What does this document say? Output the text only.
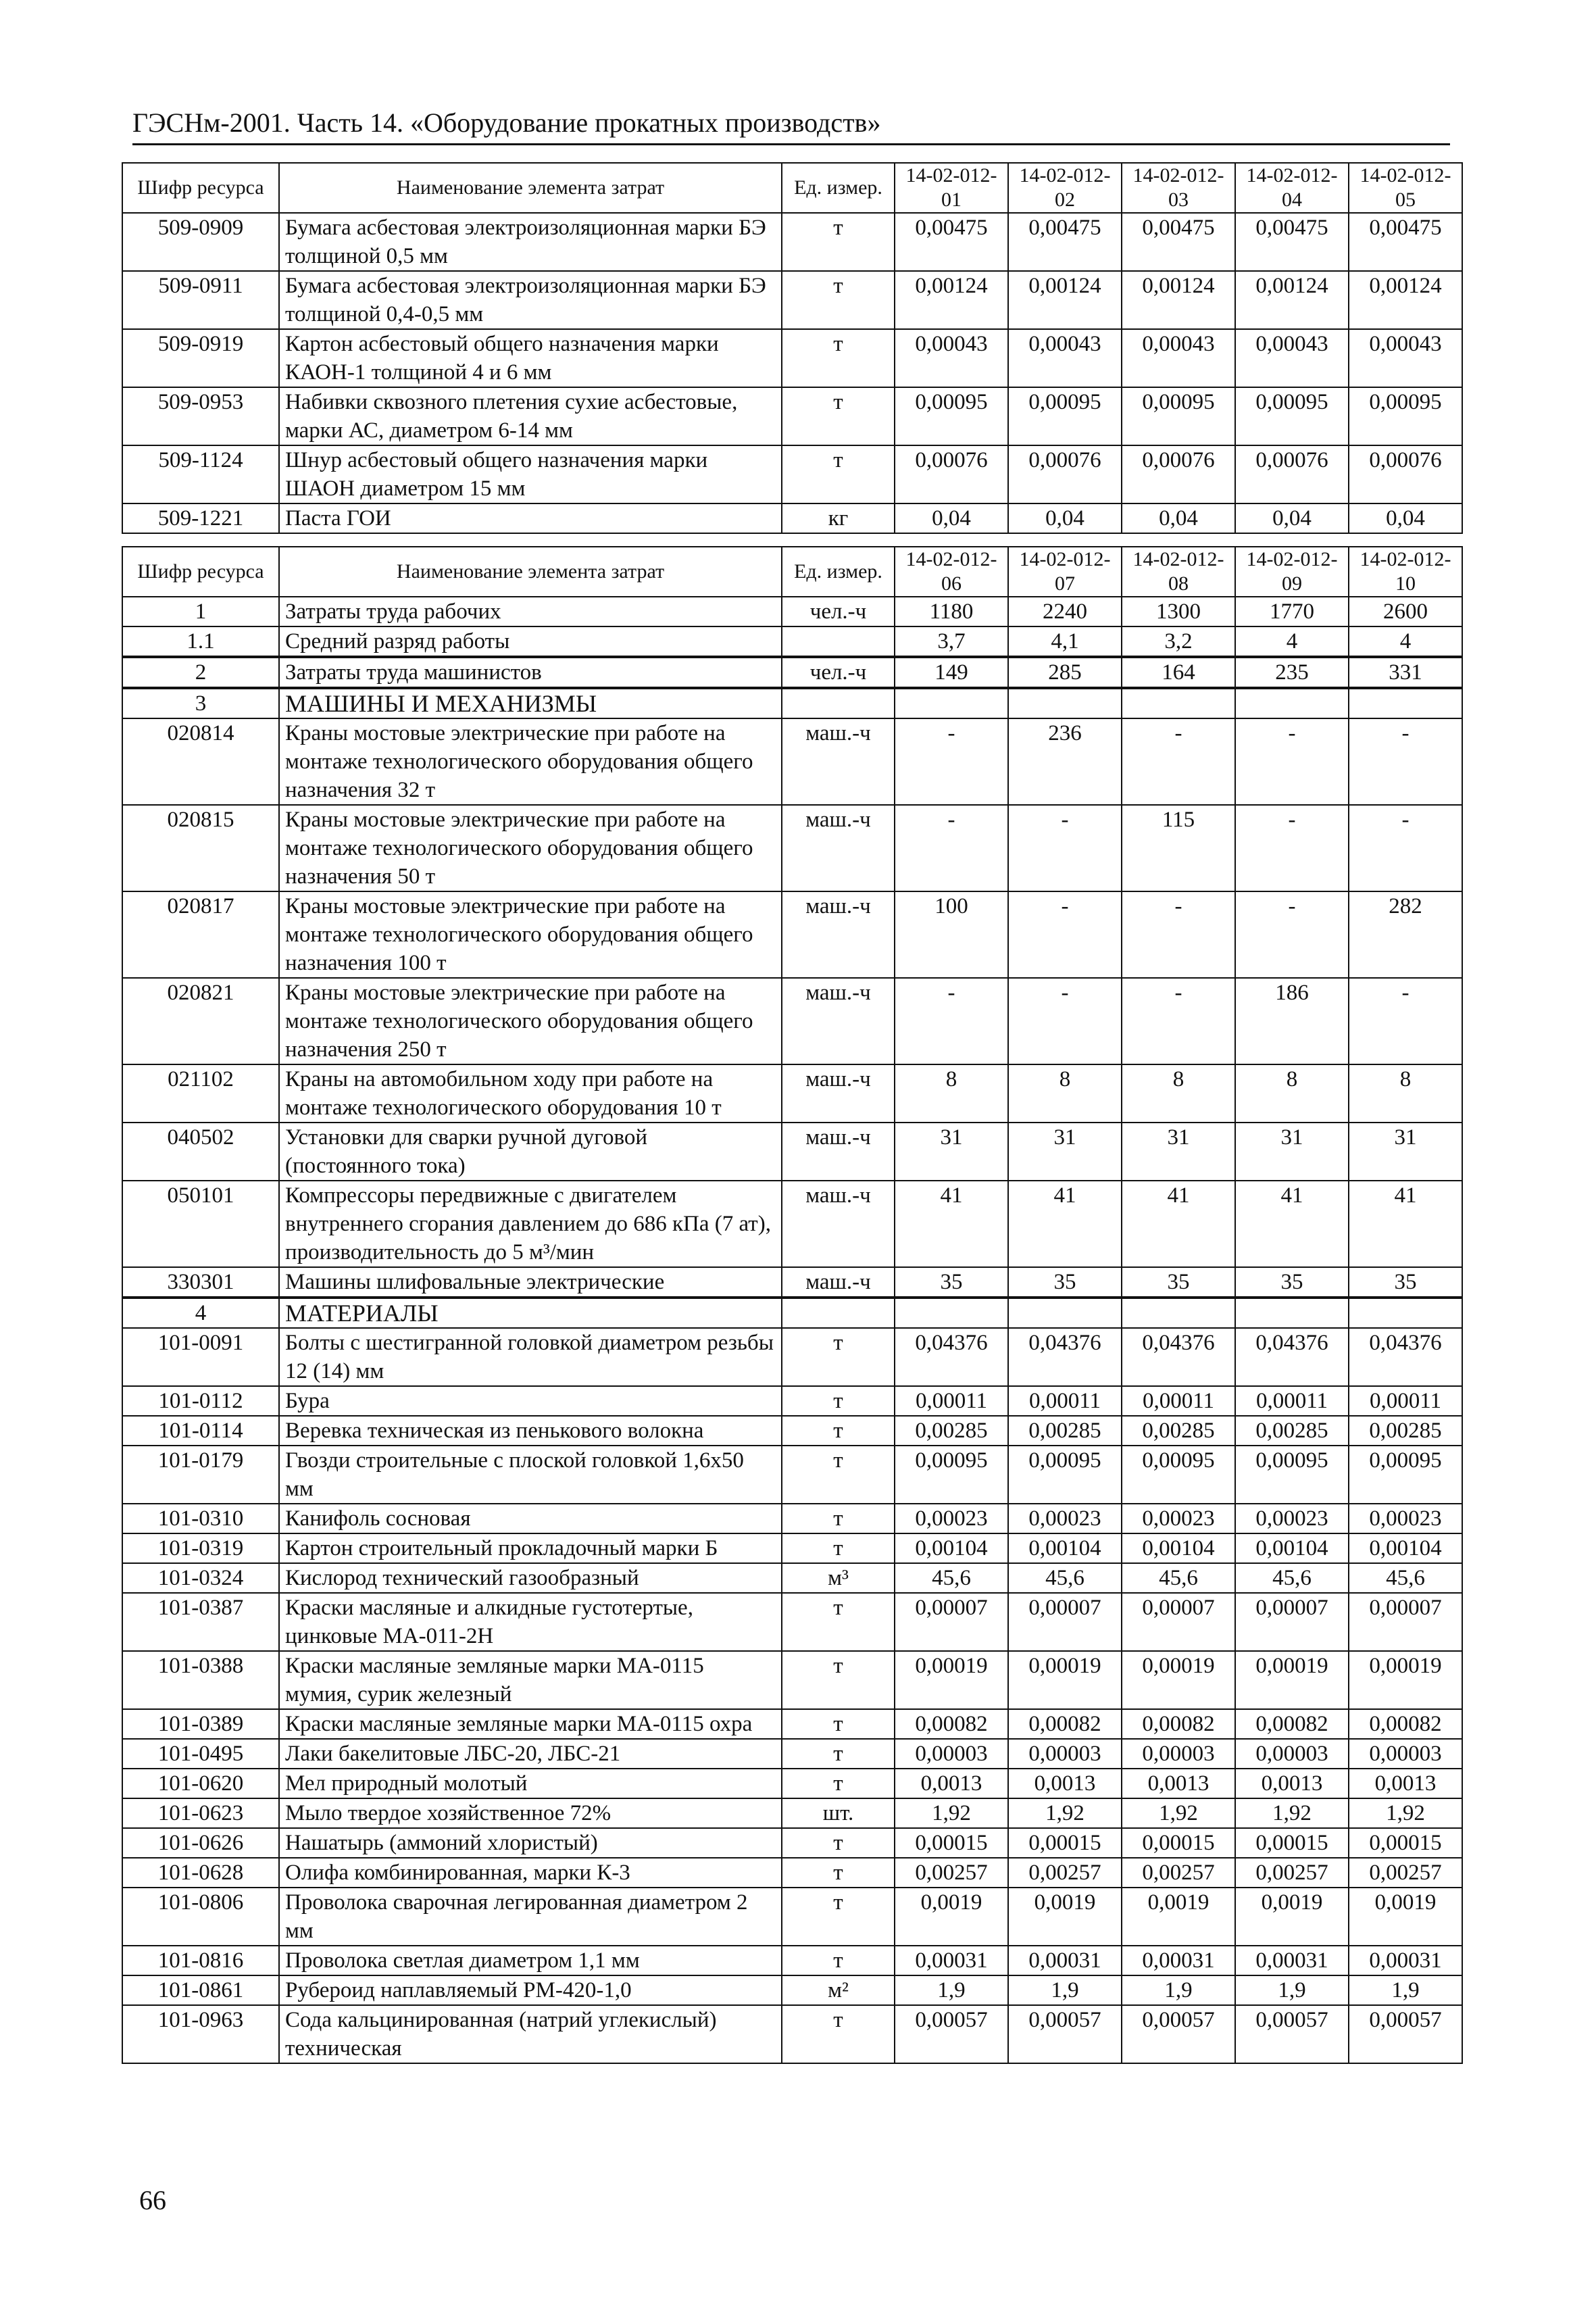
ГЭСНм-2001. Часть 14. «Оборудование прокатных производств»
Шифр ресурса	Наименование элемента затрат	Ед. измер.	14-02-012-01	14-02-012-02	14-02-012-03	14-02-012-04	14-02-012-05
509-0909	Бумага асбестовая электроизоляционная марки БЭ толщиной 0,5 мм	т	0,00475	0,00475	0,00475	0,00475	0,00475
509-0911	Бумага асбестовая электроизоляционная марки БЭ толщиной 0,4-0,5 мм	т	0,00124	0,00124	0,00124	0,00124	0,00124
509-0919	Картон асбестовый общего назначения марки КАОН-1 толщиной 4 и 6 мм	т	0,00043	0,00043	0,00043	0,00043	0,00043
509-0953	Набивки сквозного плетения сухие асбестовые, марки АС, диаметром 6-14 мм	т	0,00095	0,00095	0,00095	0,00095	0,00095
509-1124	Шнур асбестовый общего назначения марки ШАОН диаметром 15 мм	т	0,00076	0,00076	0,00076	0,00076	0,00076
509-1221	Паста ГОИ	кг	0,04	0,04	0,04	0,04	0,04
Шифр ресурса	Наименование элемента затрат	Ед. измер.	14-02-012-06	14-02-012-07	14-02-012-08	14-02-012-09	14-02-012-10
1	Затраты труда рабочих	чел.-ч	1180	2240	1300	1770	2600
1.1	Средний разряд работы		3,7	4,1	3,2	4	4
2	Затраты труда машинистов	чел.-ч	149	285	164	235	331
3	МАШИНЫ И МЕХАНИЗМЫ						
020814	Краны мостовые электрические при работе на монтаже технологического оборудования общего назначения 32 т	маш.-ч	-	236	-	-	-
020815	Краны мостовые электрические при работе на монтаже технологического оборудования общего назначения 50 т	маш.-ч	-	-	115	-	-
020817	Краны мостовые электрические при работе на монтаже технологического оборудования общего назначения 100 т	маш.-ч	100	-	-	-	282
020821	Краны мостовые электрические при работе на монтаже технологического оборудования общего назначения 250 т	маш.-ч	-	-	-	186	-
021102	Краны на автомобильном ходу при работе на монтаже технологического оборудования 10 т	маш.-ч	8	8	8	8	8
040502	Установки для сварки ручной дуговой (постоянного тока)	маш.-ч	31	31	31	31	31
050101	Компрессоры передвижные с двигателем внутреннего сгорания давлением до 686 кПа (7 ат), производительность до 5 м³/мин	маш.-ч	41	41	41	41	41
330301	Машины шлифовальные электрические	маш.-ч	35	35	35	35	35
4	МАТЕРИАЛЫ						
101-0091	Болты с шестигранной головкой диаметром резьбы 12 (14) мм	т	0,04376	0,04376	0,04376	0,04376	0,04376
101-0112	Бура	т	0,00011	0,00011	0,00011	0,00011	0,00011
101-0114	Веревка техническая из пенькового волокна	т	0,00285	0,00285	0,00285	0,00285	0,00285
101-0179	Гвозди строительные с плоской головкой 1,6x50 мм	т	0,00095	0,00095	0,00095	0,00095	0,00095
101-0310	Канифоль сосновая	т	0,00023	0,00023	0,00023	0,00023	0,00023
101-0319	Картон строительный прокладочный марки Б	т	0,00104	0,00104	0,00104	0,00104	0,00104
101-0324	Кислород технический газообразный	м³	45,6	45,6	45,6	45,6	45,6
101-0387	Краски масляные и алкидные густотертые, цинковые МА-011-2Н	т	0,00007	0,00007	0,00007	0,00007	0,00007
101-0388	Краски масляные земляные марки МА-0115 мумия, сурик железный	т	0,00019	0,00019	0,00019	0,00019	0,00019
101-0389	Краски масляные земляные марки МА-0115 охра	т	0,00082	0,00082	0,00082	0,00082	0,00082
101-0495	Лаки бакелитовые ЛБС-20, ЛБС-21	т	0,00003	0,00003	0,00003	0,00003	0,00003
101-0620	Мел природный молотый	т	0,0013	0,0013	0,0013	0,0013	0,0013
101-0623	Мыло твердое хозяйственное 72%	шт.	1,92	1,92	1,92	1,92	1,92
101-0626	Нашатырь (аммоний хлористый)	т	0,00015	0,00015	0,00015	0,00015	0,00015
101-0628	Олифа комбинированная, марки К-3	т	0,00257	0,00257	0,00257	0,00257	0,00257
101-0806	Проволока сварочная легированная диаметром 2 мм	т	0,0019	0,0019	0,0019	0,0019	0,0019
101-0816	Проволока светлая диаметром 1,1 мм	т	0,00031	0,00031	0,00031	0,00031	0,00031
101-0861	Рубероид наплавляемый РМ-420-1,0	м²	1,9	1,9	1,9	1,9	1,9
101-0963	Сода кальцинированная (натрий углекислый) техническая	т	0,00057	0,00057	0,00057	0,00057	0,00057
66
